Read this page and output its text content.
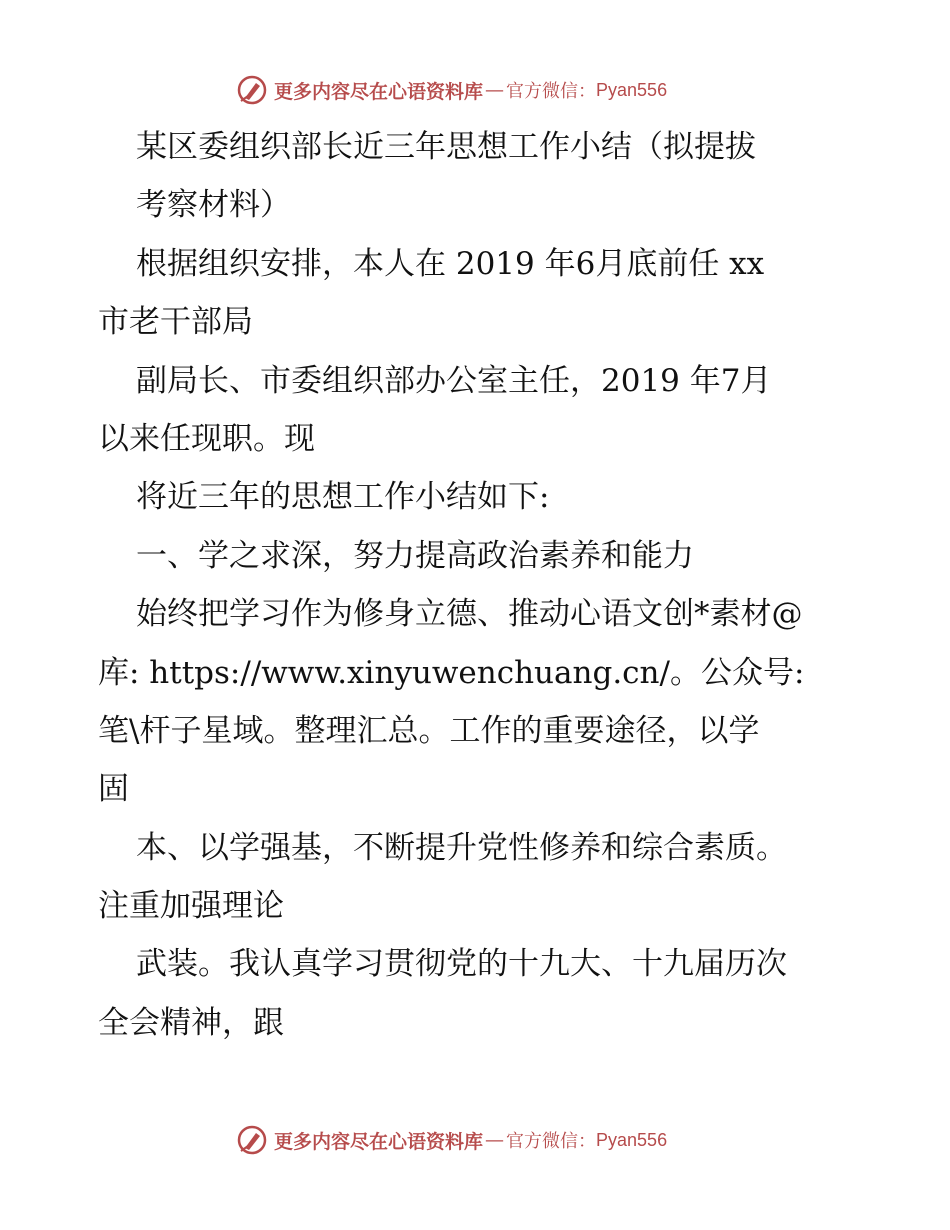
更多内容尽在心语资料库 — 官方微信： Pyan556
某区委组织部长近三年思想工作小结（拟提拔
考察材料）
根据组织安排，本人在 2019 年6月底前任 xx
市老干部局
副局长、市委组织部办公室主任，2019 年7月
以来任现职。现
将近三年的思想工作小结如下:
一、学之求深，努力提高政治素养和能力
始终把学习作为修身立德、推动心语文创*素材@
库: https://www.xinyuwenchuang.cn/。公众号:
笔\杆子星域。整理汇总。工作的重要途径，以学
固
本、以学强基，不断提升党性修养和综合素质。
注重加强理论
武装。我认真学习贯彻党的十九大、十九届历次
全会精神，跟
更多内容尽在心语资料库 — 官方微信： Pyan556
